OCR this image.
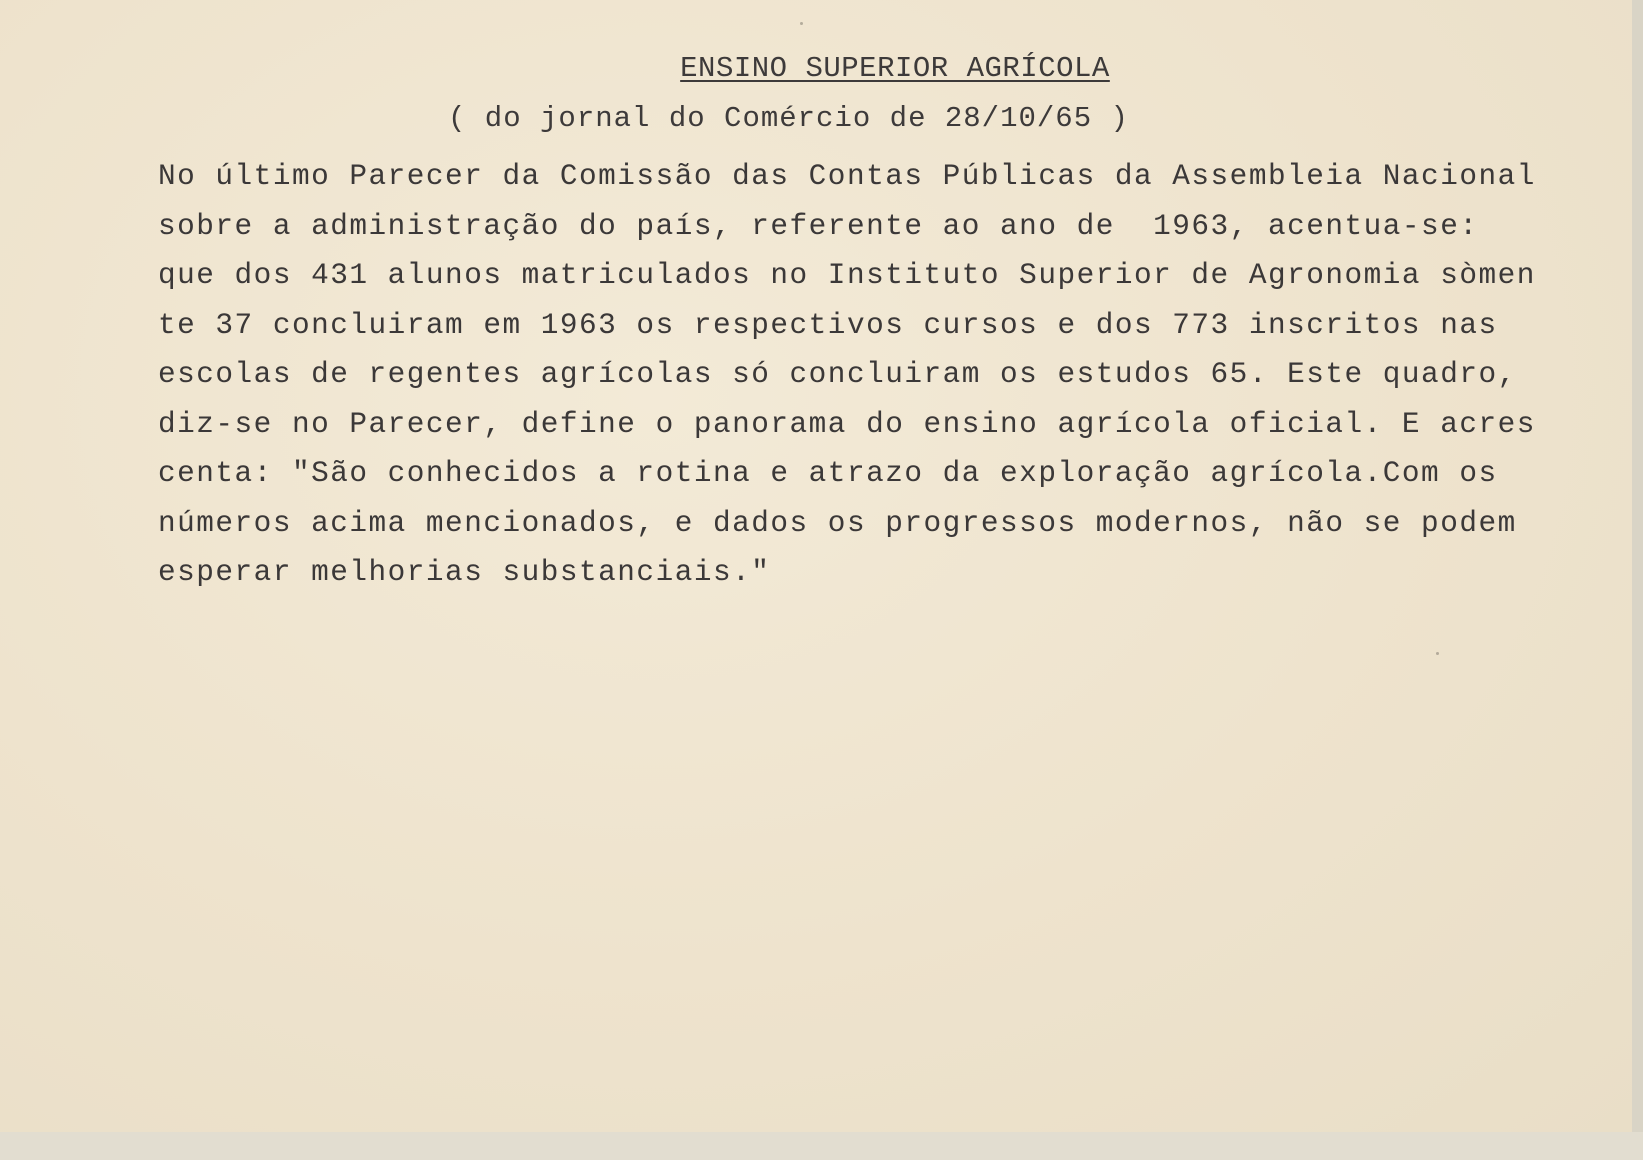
ENSINO SUPERIOR AGRÍCOLA
( do jornal do Comércio de 28/10/65 )
No último Parecer da Comissão das Contas Públicas da Assembleia Nacional
sobre a administração do país, referente ao ano de  1963, acentua-se:
que dos 431 alunos matriculados no Instituto Superior de Agronomia sòmen
te 37 concluiram em 1963 os respectivos cursos e dos 773 inscritos nas
escolas de regentes agrícolas só concluiram os estudos 65. Este quadro,
diz-se no Parecer, define o panorama do ensino agrícola oficial. E acres
centa: "São conhecidos a rotina e atrazo da exploração agrícola.Com os
números acima mencionados, e dados os progressos modernos, não se podem
esperar melhorias substanciais."
